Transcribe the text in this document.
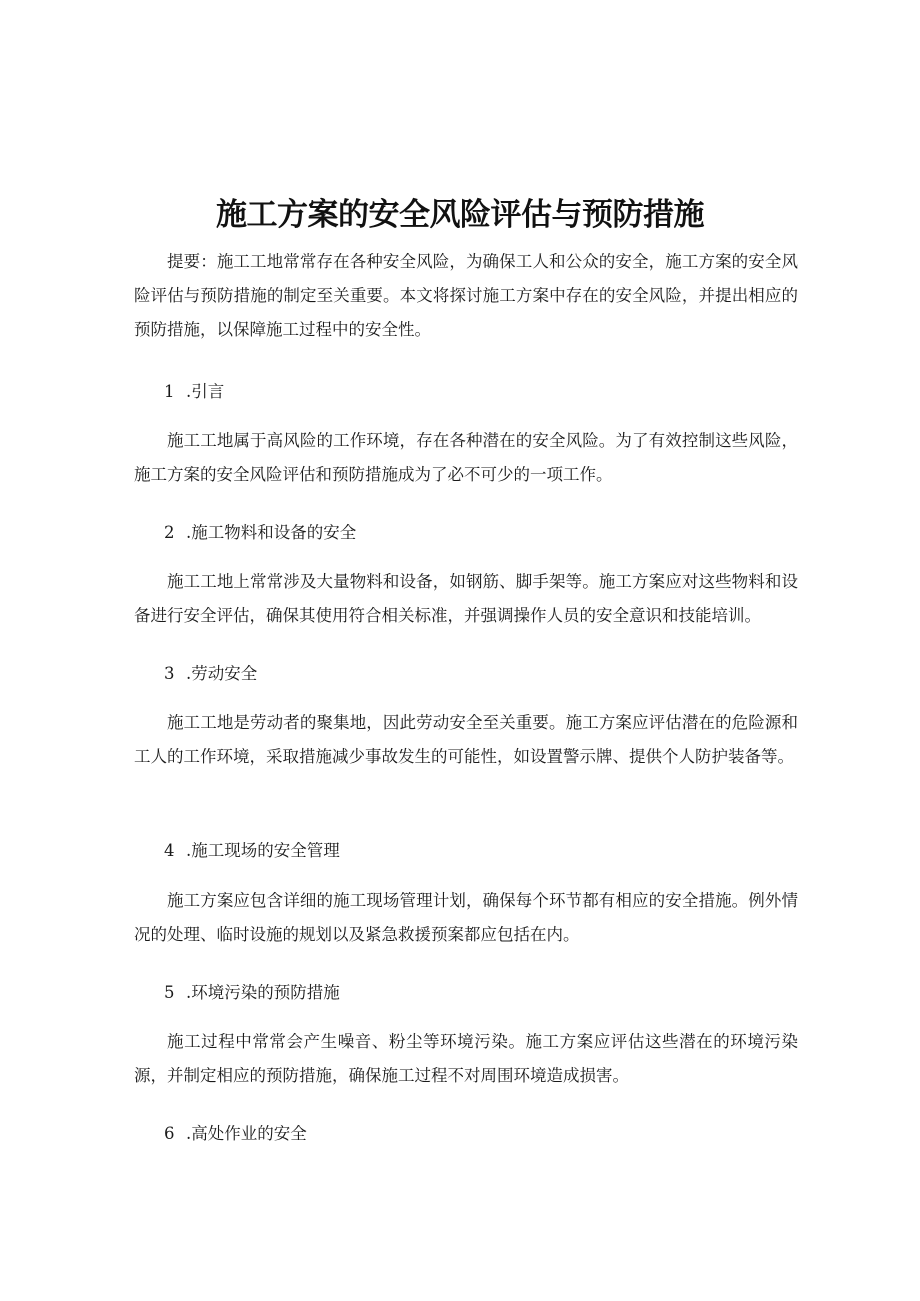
施工方案的安全风险评估与预防措施

提要：施工工地常常存在各种安全风险，为确保工人和公众的安全，施工方案的安全风险评估与预防措施的制定至关重要。本文将探讨施工方案中存在的安全风险，并提出相应的预防措施，以保障施工过程中的安全性。

1 .引言

施工工地属于高风险的工作环境，存在各种潜在的安全风险。为了有效控制这些风险，施工方案的安全风险评估和预防措施成为了必不可少的一项工作。

2 .施工物料和设备的安全

施工工地上常常涉及大量物料和设备，如钢筋、脚手架等。施工方案应对这些物料和设备进行安全评估，确保其使用符合相关标准，并强调操作人员的安全意识和技能培训。

3 .劳动安全

施工工地是劳动者的聚集地，因此劳动安全至关重要。施工方案应评估潜在的危险源和工人的工作环境，采取措施减少事故发生的可能性，如设置警示牌、提供个人防护装备等。

4 .施工现场的安全管理

施工方案应包含详细的施工现场管理计划，确保每个环节都有相应的安全措施。例外情况的处理、临时设施的规划以及紧急救援预案都应包括在内。

5 .环境污染的预防措施

施工过程中常常会产生噪音、粉尘等环境污染。施工方案应评估这些潜在的环境污染源，并制定相应的预防措施，确保施工过程不对周围环境造成损害。

6 .高处作业的安全
